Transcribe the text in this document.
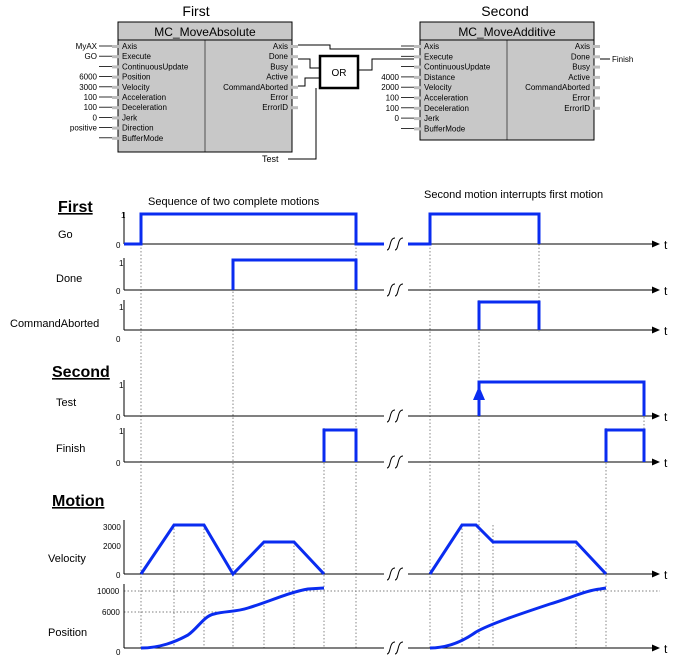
First
MC_MoveAbsolute
Axis
Execute
ContinuousUpdate
Position
Velocity
Acceleration
Deceleration
Jerk
Direction
BufferMode
Axis
Done
Busy
Active
CommandAborted
Error
ErrorID
MyAX
GO
6000
3000
100
100
0
positive
Second
MC_MoveAdditive
Axis
Execute
ContinuousUpdate
Distance
Velocity
Acceleration
Deceleration
Jerk
BufferMode
Axis
Done
Busy
Active
CommandAborted
Error
ErrorID
4000
2000
100
100
0
Finish
OR
Test
Sequence of two complete motions
Second motion interrupts first motion
First
Second
Motion
Go
Done
CommandAborted
Test
Finish
Velocity
Position
1
0
1
0
1
0
1
0
1
0
3000
2000
0
10000
6000
0
t
t
t
t
t
t
t
